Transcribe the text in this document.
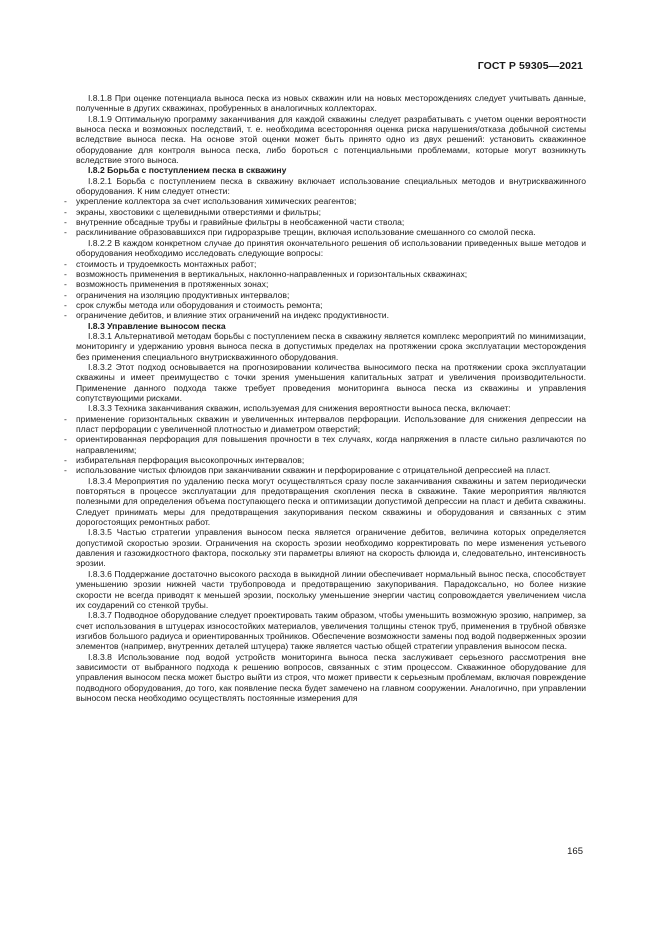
ГОСТ Р 59305—2021

I.8.1.8 При оценке потенциала выноса песка из новых скважин или на новых месторождениях следует учитывать данные, полученные в других скважинах, пробуренных в аналогичных коллекторах.

I.8.1.9 Оптимальную программу заканчивания для каждой скважины следует разрабатывать с учетом оценки вероятности выноса песка и возможных последствий, т. е. необходима всесторонняя оценка риска нарушения/отказа добычной системы вследствие выноса песка. На основе этой оценки может быть принято одно из двух решений: установить скважинное оборудование для контроля выноса песка, либо бороться с потенциальными проблемами, которые могут возникнуть вследствие этого выноса.

I.8.2 Борьба с поступлением песка в скважину

I.8.2.1 Борьба с поступлением песка в скважину включает использование специальных методов и внутрискважинного оборудования. К ним следует отнести:

- укрепление коллектора за счет использования химических реагентов;

- экраны, хвостовики с щелевидными отверстиями и фильтры;

- внутренние обсадные трубы и гравийные фильтры в необсаженной части ствола;

- расклинивание образовавшихся при гидроразрыве трещин, включая использование смешанного со смолой песка.

I.8.2.2 В каждом конкретном случае до принятия окончательного решения об использовании приведенных выше методов и оборудования необходимо исследовать следующие вопросы:

- стоимость и трудоемкость монтажных работ;

- возможность применения в вертикальных, наклонно-направленных и горизонтальных скважинах;

- возможность применения в протяженных зонах;

- ограничения на изоляцию продуктивных интервалов;

- срок службы метода или оборудования и стоимость ремонта;

- ограничение дебитов, и влияние этих ограничений на индекс продуктивности.

I.8.3 Управление выносом песка

I.8.3.1 Альтернативой методам борьбы с поступлением песка в скважину является комплекс мероприятий по минимизации, мониторингу и удержанию уровня выноса песка в допустимых пределах на протяжении срока эксплуатации месторождения без применения специального внутрискважинного оборудования.

I.8.3.2 Этот подход основывается на прогнозировании количества выносимого песка на протяжении срока эксплуатации скважины и имеет преимущество с точки зрения уменьшения капитальных затрат и увеличения производительности. Применение данного подхода также требует проведения мониторинга выноса песка из скважины и управления сопутствующими рисками.

I.8.3.3 Техника заканчивания скважин, используемая для снижения вероятности выноса песка, включает:

- применение горизонтальных скважин и увеличенных интервалов перфорации. Использование для снижения депрессии на пласт перфорации с увеличенной плотностью и диаметром отверстий;

- ориентированная перфорация для повышения прочности в тех случаях, когда напряжения в пласте сильно различаются по направлениям;

- избирательная перфорация высокопрочных интервалов;

- использование чистых флюидов при заканчивании скважин и перфорирование с отрицательной депрессией на пласт.

I.8.3.4 Мероприятия по удалению песка могут осуществляться сразу после заканчивания скважины и затем периодически повторяться в процессе эксплуатации для предотвращения скопления песка в скважине. Такие мероприятия являются полезными для определения объема поступающего песка и оптимизации допустимой депрессии на пласт и дебита скважины. Следует принимать меры для предотвращения закупоривания песком скважины и оборудования и связанных с этим дорогостоящих ремонтных работ.

I.8.3.5 Частью стратегии управления выносом песка является ограничение дебитов, величина которых определяется допустимой скоростью эрозии. Ограничения на скорость эрозии необходимо корректировать по мере изменения устьевого давления и газожидкостного фактора, поскольку эти параметры влияют на скорость флюида и, следовательно, интенсивность эрозии.

I.8.3.6 Поддержание достаточно высокого расхода в выкидной линии обеспечивает нормальный вынос песка, способствует уменьшению эрозии нижней части трубопровода и предотвращению закупоривания. Парадоксально, но более низкие скорости не всегда приводят к меньшей эрозии, поскольку уменьшение энергии частиц сопровождается увеличением числа их соударений со стенкой трубы.

I.8.3.7 Подводное оборудование следует проектировать таким образом, чтобы уменьшить возможную эрозию, например, за счет использования в штуцерах износостойких материалов, увеличения толщины стенок труб, применения в трубной обвязке изгибов большого радиуса и ориентированных тройников. Обеспечение возможности замены под водой подверженных эрозии элементов (например, внутренних деталей штуцера) также является частью общей стратегии управления выносом песка.

I.8.3.8 Использование под водой устройств мониторинга выноса песка заслуживает серьезного рассмотрения вне зависимости от выбранного подхода к решению вопросов, связанных с этим процессом. Скважинное оборудование для управления выносом песка может быстро выйти из строя, что может привести к серьезным проблемам, включая повреждение подводного оборудования, до того, как появление песка будет замечено на главном сооружении. Аналогично, при управлении выносом песка необходимо осуществлять постоянные измерения для

165
